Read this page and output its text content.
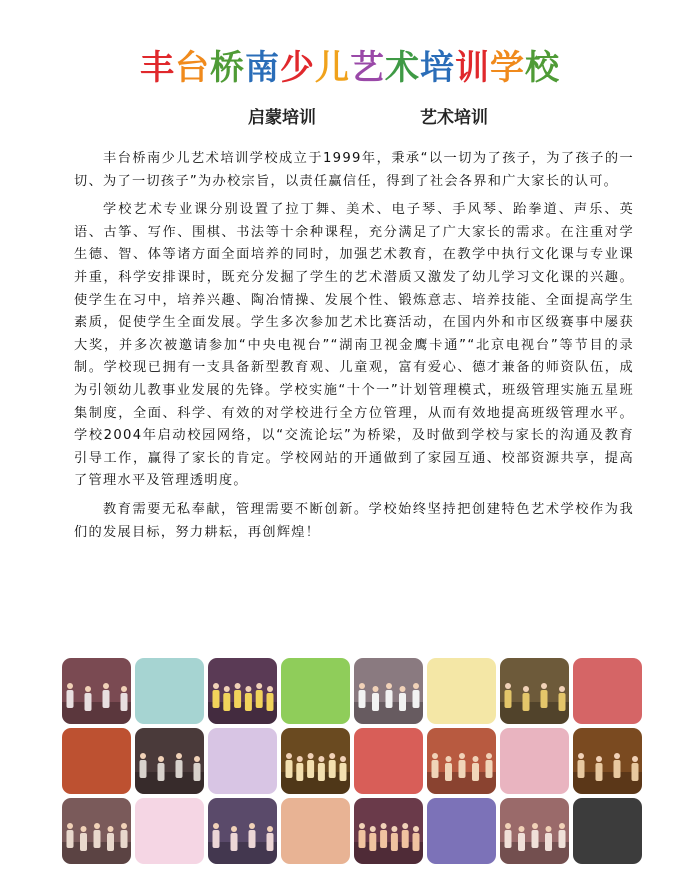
丰台桥南少儿艺术培训学校
启蒙培训	艺术培训

丰台桥南少儿艺术培训学校成立于1999年，秉承“以一切为了孩子，为了孩子的一切、为了一切孩子”为办校宗旨，以责任赢信任，得到了社会各界和广大家长的认可。

学校艺术专业课分别设置了拉丁舞、美术、电子琴、手风琴、跆拳道、声乐、英语、古筝、写作、围棋、书法等十余种课程，充分满足了广大家长的需求。在注重对学生德、智、体等诸方面全面培养的同时，加强艺术教育，在教学中执行文化课与专业课并重，科学安排课时，既充分发掘了学生的艺术潜质又激发了幼儿学习文化课的兴趣。使学生在习中，培养兴趣、陶冶情操、发展个性、锻炼意志、培养技能、全面提高学生素质，促使学生全面发展。学生多次参加艺术比赛活动，在国内外和市区级赛事中屡获大奖，并多次被邀请参加“中央电视台”“湖南卫视金鹰卡通”“北京电视台”等节目的录制。学校现已拥有一支具备新型教育观、儿童观，富有爱心、德才兼备的师资队伍，成为引领幼儿教事业发展的先锋。学校实施“十个一”计划管理模式，班级管理实施五星班集制度，全面、科学、有效的对学校进行全方位管理，从而有效地提高班级管理水平。学校2004年启动校园网络，以“交流论坛”为桥梁，及时做到学校与家长的沟通及教育引导工作，赢得了家长的肯定。学校网站的开通做到了家园互通、校部资源共享，提高了管理水平及管理透明度。

教育需要无私奉献，管理需要不断创新。学校始终坚持把创建特色艺术学校作为我们的发展目标，努力耕耘，再创辉煌！
